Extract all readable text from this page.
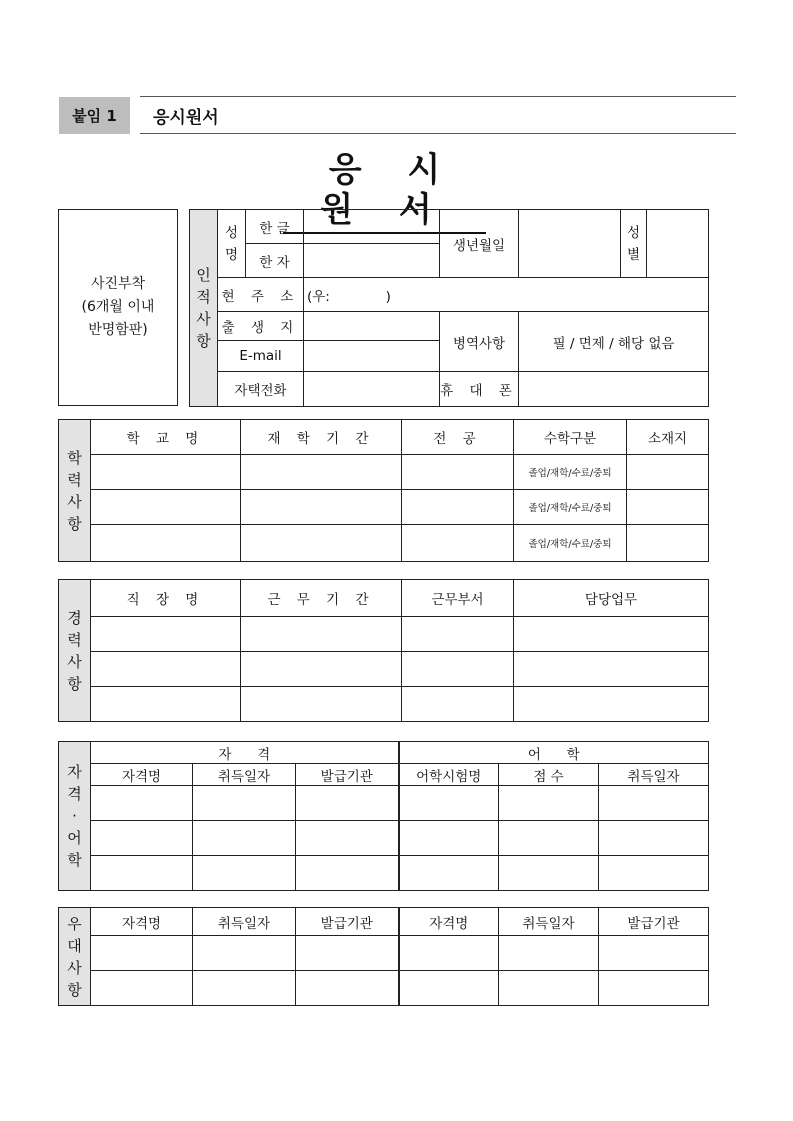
붙임 1	응시원서
응 시 원 서
사진부착
(6개월 이내
반명함판)
인적사항	성명	한 글		생년월일		성별	
		한 자					
	현 주 소		(우:             )				
	출 생 지			병역사항	필 / 면제 / 해당 없음		
	E-mail						
	자택전화			휴 대 폰			
학력사항	학 교 명	재 학 기 간	전 공	수학구분	소재지
				졸업/재학/수료/중퇴	
				졸업/재학/수료/중퇴	
				졸업/재학/수료/중퇴	
경력사항	직 장 명	근 무 기 간	근무부서	담당업무

자격·어학	자      격			어      학		
	자격명	취득일자	발급기관	어학시험명	점 수	취득일자

우대사항	자격명	취득일자	발급기관	자격명	취득일자	발급기관
